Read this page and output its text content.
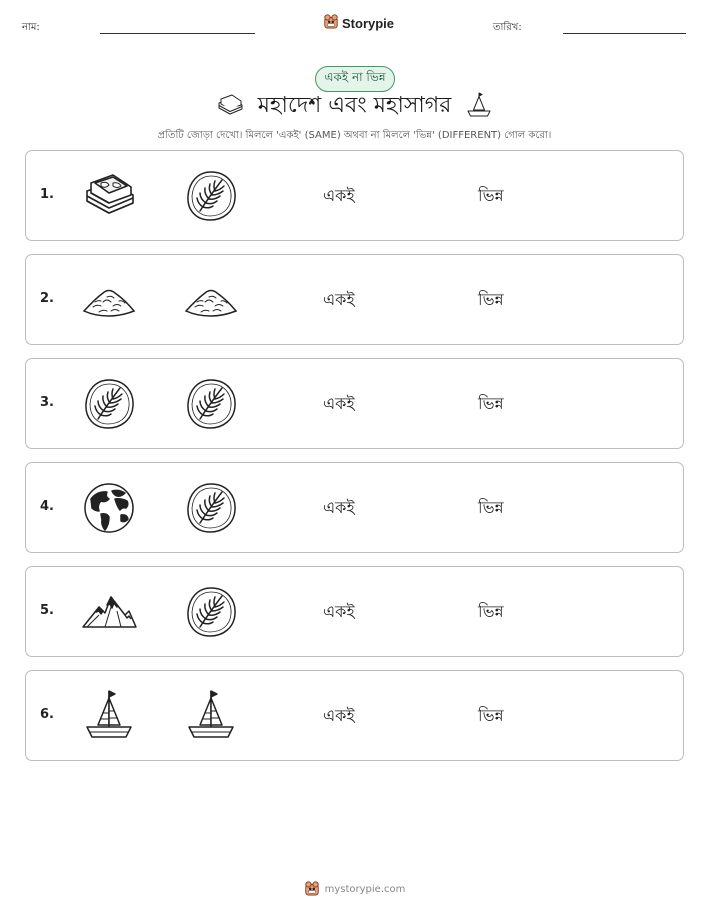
নাম:	Storypie	তারিখ:
একই না ভিন্ন
মহাদেশ এবং মহাসাগর
প্রতিটি জোড়া দেখো। মিললে 'একই' (SAME) অথবা না মিললে 'ভিন্ন' (DIFFERENT) গোল করো।
1.	একই	ভিন্ন
2.	একই	ভিন্ন
3.	একই	ভিন্ন
4.	একই	ভিন্ন
5.	একই	ভিন্ন
6.	একই	ভিন্ন
mystorypie.com
